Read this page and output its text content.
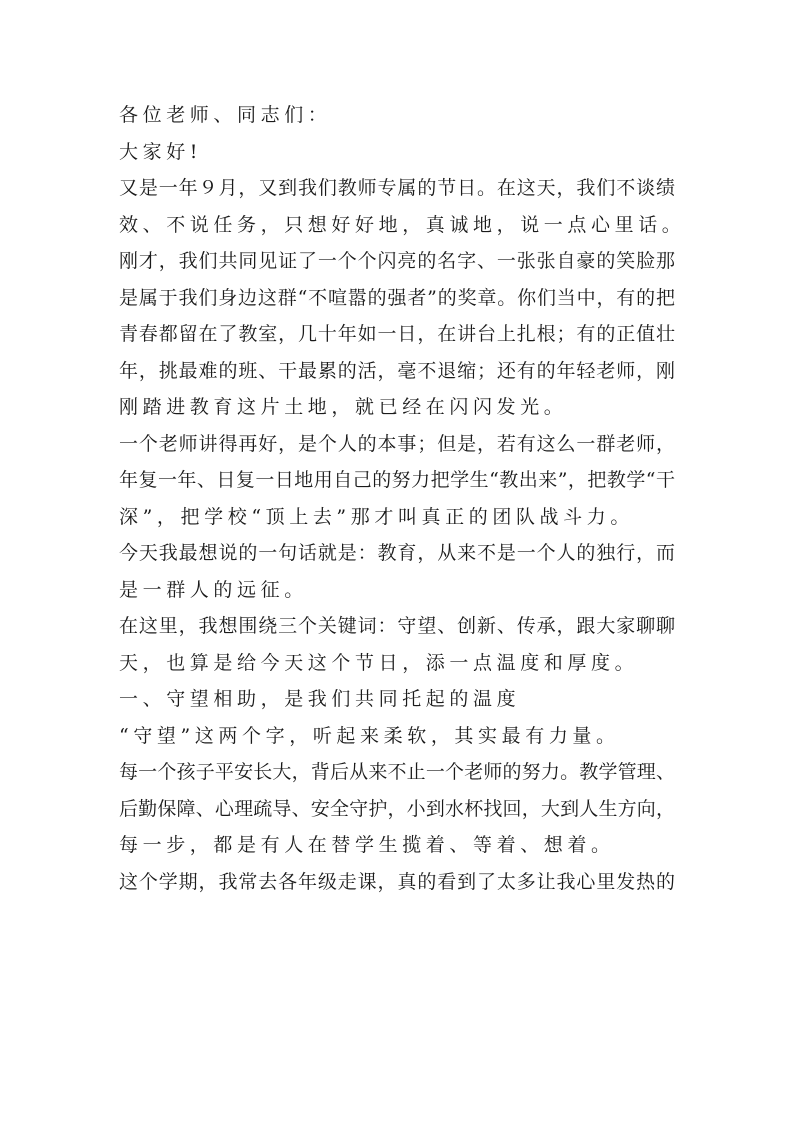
各位老师、同志们：
大家好!
又是一年９月，又到我们教师专属的节日。在这天，我们不谈绩
效、不说任务，只想好好地，真诚地，说一点心里话。
刚才，我们共同见证了一个个闪亮的名字、一张张自豪的笑脸那
是属于我们身边这群“不喧嚣的强者”的奖章。你们当中，有的把
青春都留在了教室，几十年如一日，在讲台上扎根；有的正值壮
年，挑最难的班、干最累的活，毫不退缩；还有的年轻老师，刚
刚踏进教育这片土地，就已经在闪闪发光。
一个老师讲得再好，是个人的本事；但是，若有这么一群老师，
年复一年、日复一日地用自己的努力把学生“教出来”，把教学“干
深”，把学校“顶上去”那才叫真正的团队战斗力。
今天我最想说的一句话就是：教育，从来不是一个人的独行，而
是一群人的远征。
在这里，我想围绕三个关键词：守望、创新、传承，跟大家聊聊
天，也算是给今天这个节日，添一点温度和厚度。
一、守望相助，是我们共同托起的温度
“守望”这两个字，听起来柔软，其实最有力量。
每一个孩子平安长大，背后从来不止一个老师的努力。教学管理、
后勤保障、心理疏导、安全守护，小到水杯找回，大到人生方向，
每一步，都是有人在替学生揽着、等着、想着。
这个学期，我常去各年级走课，真的看到了太多让我心里发热的
